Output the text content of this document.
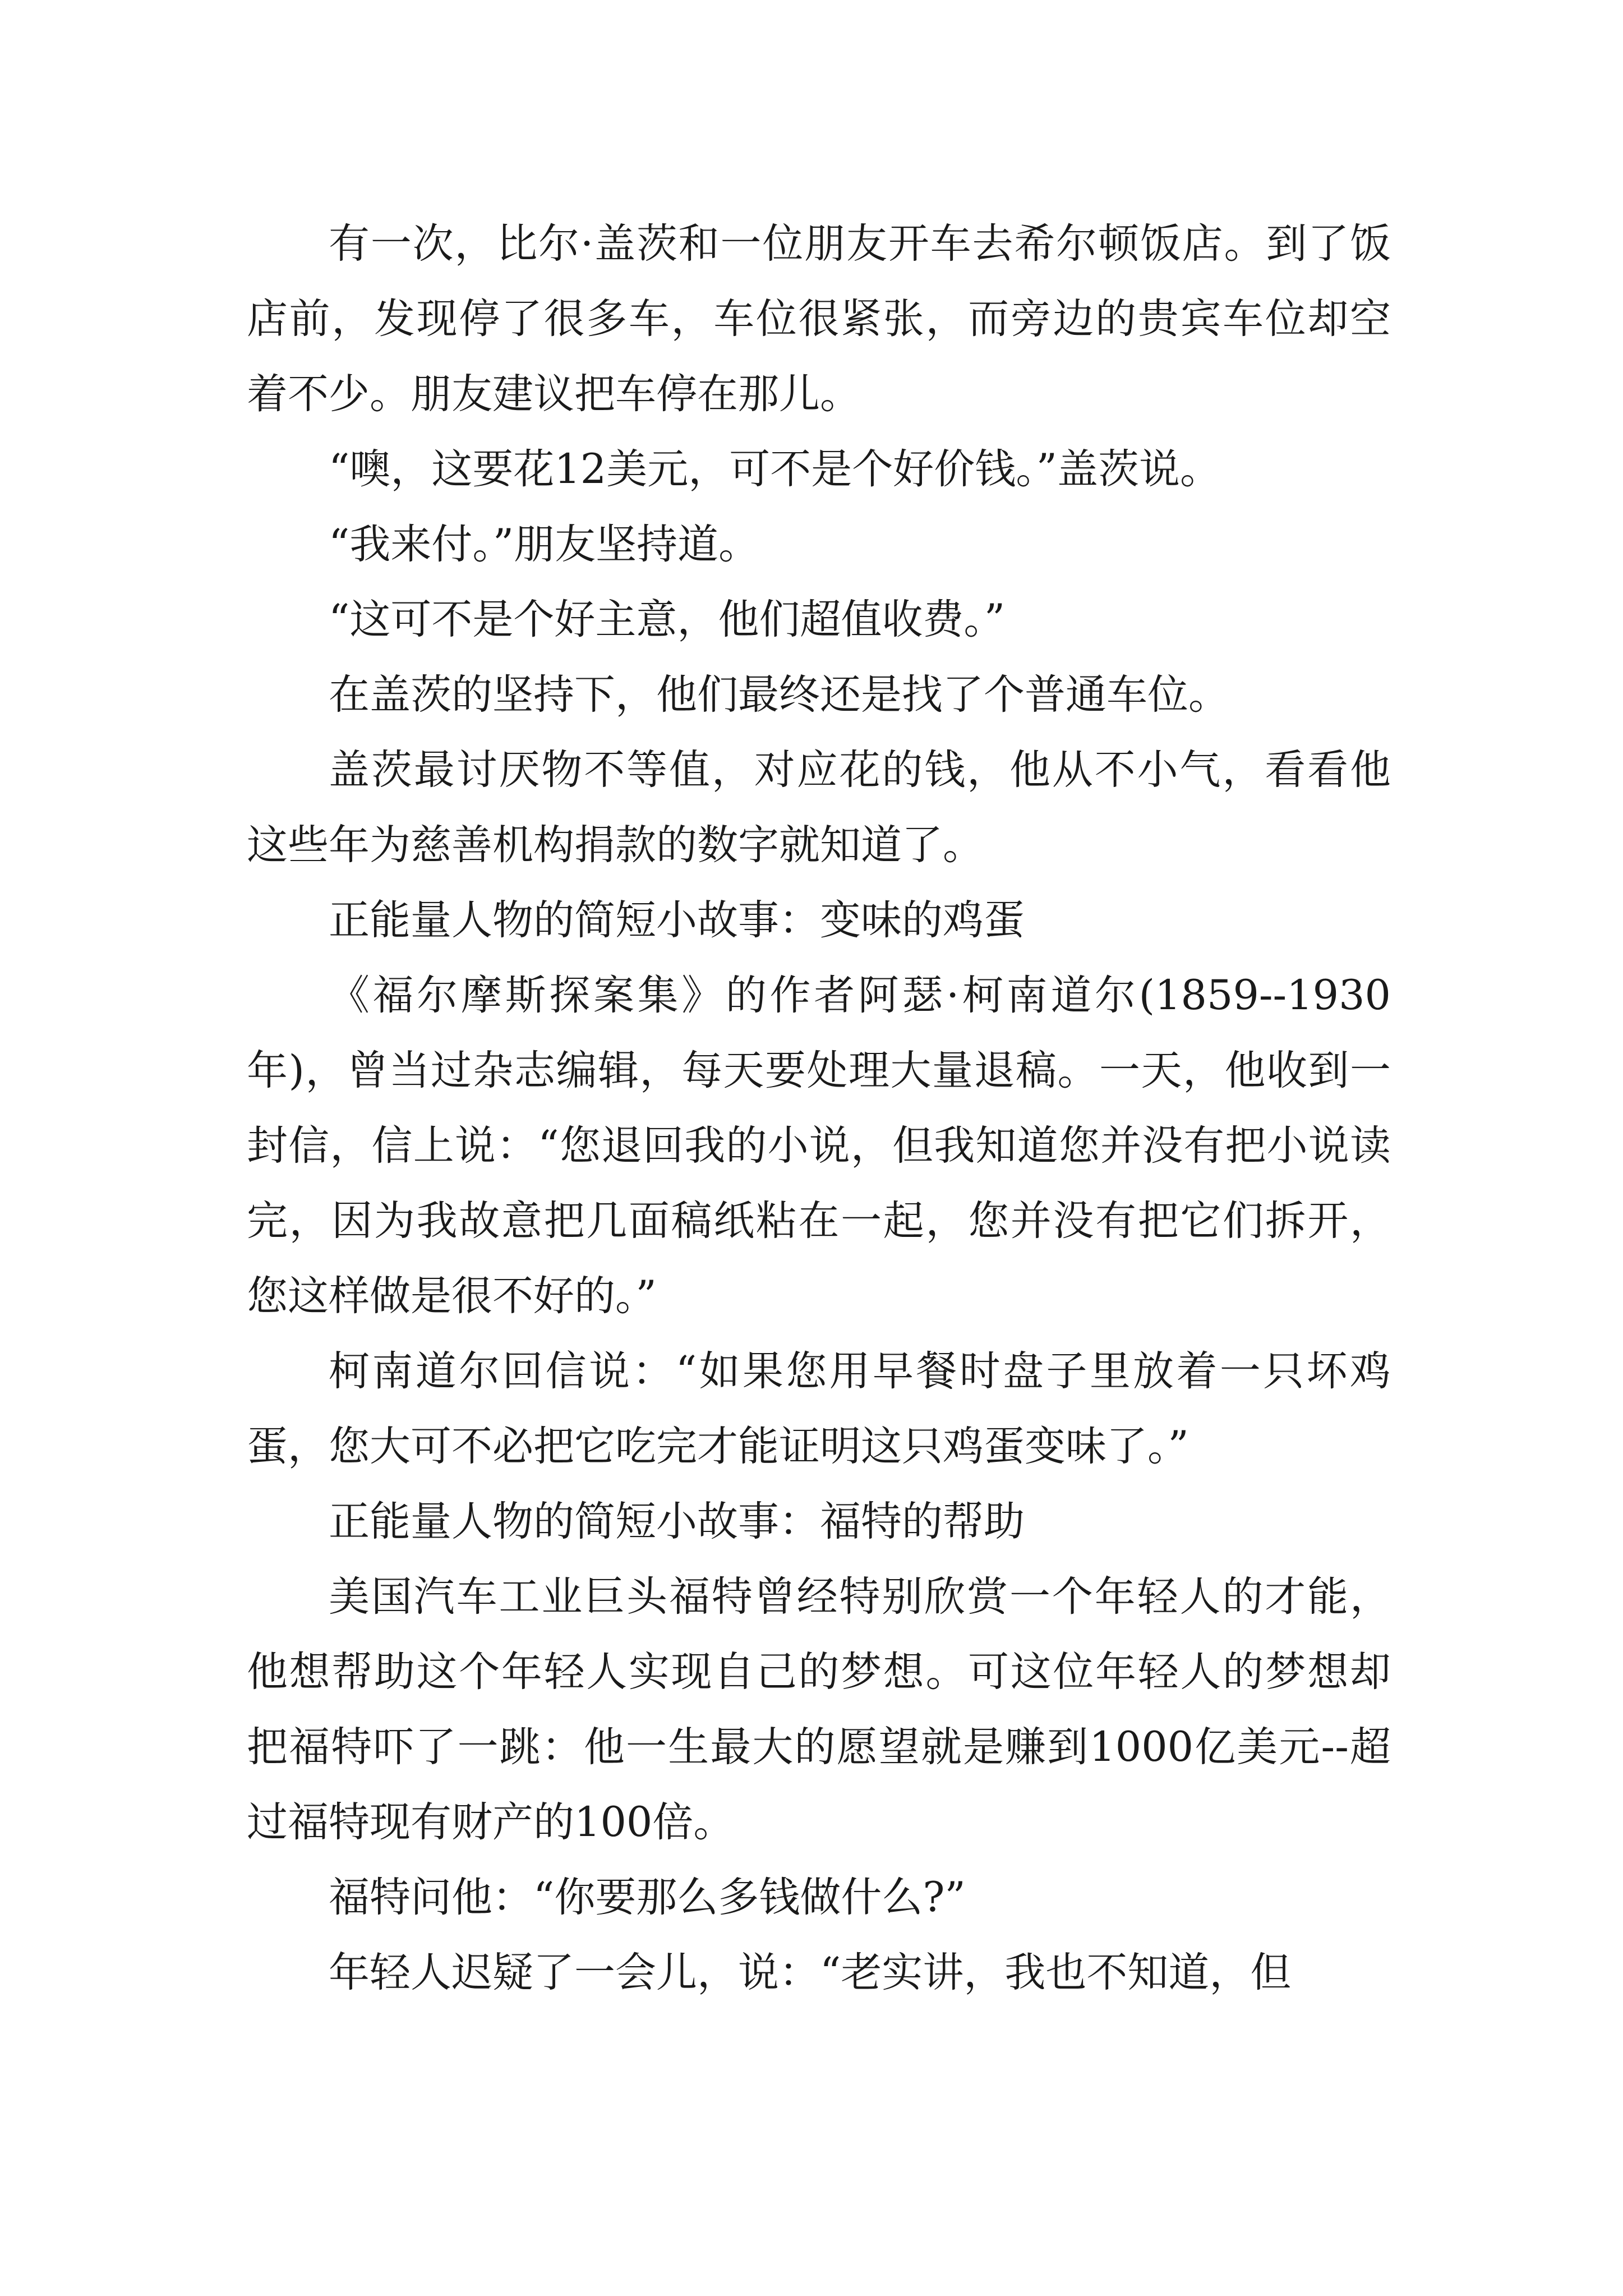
有一次，比尔·盖茨和一位朋友开车去希尔顿饭店。到了饭店前，发现停了很多车，车位很紧张，而旁边的贵宾车位却空着不少。朋友建议把车停在那儿。

“噢，这要花12美元，可不是个好价钱。”盖茨说。

“我来付。”朋友坚持道。

“这可不是个好主意，他们超值收费。”

在盖茨的坚持下，他们最终还是找了个普通车位。

盖茨最讨厌物不等值，对应花的钱，他从不小气，看看他这些年为慈善机构捐款的数字就知道了。

正能量人物的简短小故事：变味的鸡蛋

《福尔摩斯探案集》的作者阿瑟·柯南道尔(1859--1930年)，曾当过杂志编辑，每天要处理大量退稿。一天，他收到一封信，信上说：“您退回我的小说，但我知道您并没有把小说读完，因为我故意把几面稿纸粘在一起，您并没有把它们拆开，您这样做是很不好的。”

柯南道尔回信说：“如果您用早餐时盘子里放着一只坏鸡蛋，您大可不必把它吃完才能证明这只鸡蛋变味了。”

正能量人物的简短小故事：福特的帮助

美国汽车工业巨头福特曾经特别欣赏一个年轻人的才能，他想帮助这个年轻人实现自己的梦想。可这位年轻人的梦想却把福特吓了一跳：他一生最大的愿望就是赚到1000亿美元--超过福特现有财产的100倍。

福特问他：“你要那么多钱做什么?”

年轻人迟疑了一会儿，说：“老实讲，我也不知道，但
